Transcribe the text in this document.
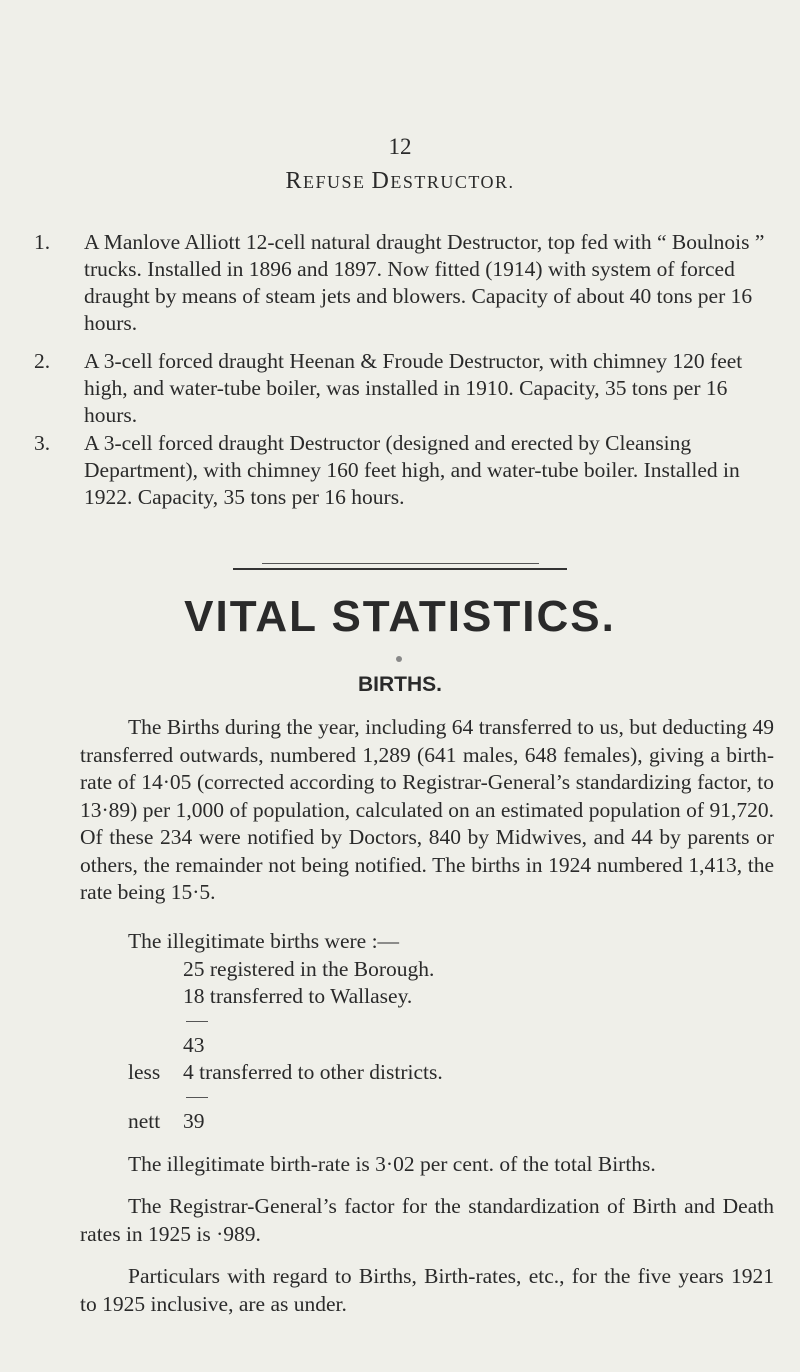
12
REFUSE DESTRUCTOR.
1. A Manlove Alliott 12-cell natural draught Destructor, top fed with “ Boulnois ” trucks. Installed in 1896 and 1897. Now fitted (1914) with system of forced draught by means of steam jets and blowers. Capacity of about 40 tons per 16 hours.
2. A 3-cell forced draught Heenan & Froude Destructor, with chimney 120 feet high, and water-tube boiler, was installed in 1910. Capacity, 35 tons per 16 hours.
3. A 3-cell forced draught Destructor (designed and erected by Cleansing Department), with chimney 160 feet high, and water-tube boiler. Installed in 1922. Capacity, 35 tons per 16 hours.
VITAL STATISTICS.
BIRTHS.

The Births during the year, including 64 transferred to us, but deducting 49 transferred outwards, numbered 1,289 (641 males, 648 females), giving a birth-rate of 14·05 (corrected according to Registrar-General’s standardizing factor, to 13·89) per 1,000 of population, calculated on an estimated population of 91,720. Of these 234 were notified by Doctors, 840 by Midwives, and 44 by parents or others, the remainder not being notified. The births in 1924 numbered 1,413, the rate being 15·5.

The illegitimate births were :—
25 registered in the Borough.
18 transferred to Wallasey.
43
less 4 transferred to other districts.
nett 39
The illegitimate birth-rate is 3·02 per cent. of the total Births.

The Registrar-General’s factor for the standardization of Birth and Death rates in 1925 is ·989.

Particulars with regard to Births, Birth-rates, etc., for the five years 1921 to 1925 inclusive, are as under.
